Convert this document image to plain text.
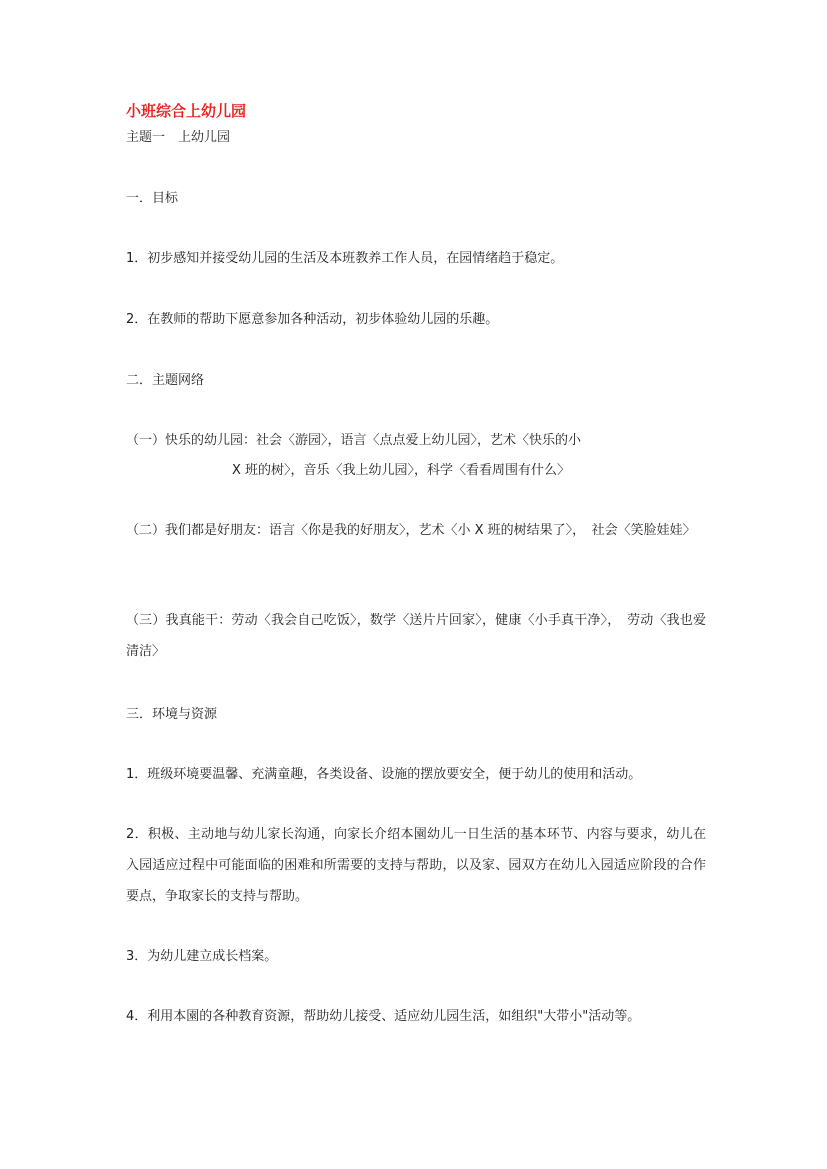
小班综合上幼儿园
主题一　上幼儿园
一．目标
1．初步感知并接受幼儿园的生活及本班教养工作人员，在园情绪趋于稳定。
2．在教师的帮助下愿意参加各种活动，初步体验幼儿园的乐趣。
二．主题网络
（一）快乐的幼儿园：社会〈游园〉，语言〈点点爱上幼儿园〉，艺术〈快乐的小
X 班的树〉，音乐〈我上幼儿园〉，科学〈看看周围有什么〉

（二）我们都是好朋友：语言〈你是我的好朋友〉，艺术〈小 X 班的树结果了〉，　社会〈笑脸娃娃〉

（三）我真能干：劳动〈我会自己吃饭〉，数学〈送片片回家〉，健康〈小手真干净〉，　劳动〈我也爱清洁〉

三．环境与资源
1．班级环境要温馨、充满童趣，各类设备、设施的摆放要安全，便于幼儿的使用和活动。

2．积极、主动地与幼儿家长沟通，向家长介绍本園幼儿一日生活的基本环节、内容与要求，幼儿在入园适应过程中可能面临的困难和所需要的支持与帮助，以及家、园双方在幼儿入园适应阶段的合作要点，争取家长的支持与帮助。

3．为幼儿建立成长档案。
4．利用本園的各种教育资源，帮助幼儿接受、适应幼儿园生活，如组织"大带小"活动等。
